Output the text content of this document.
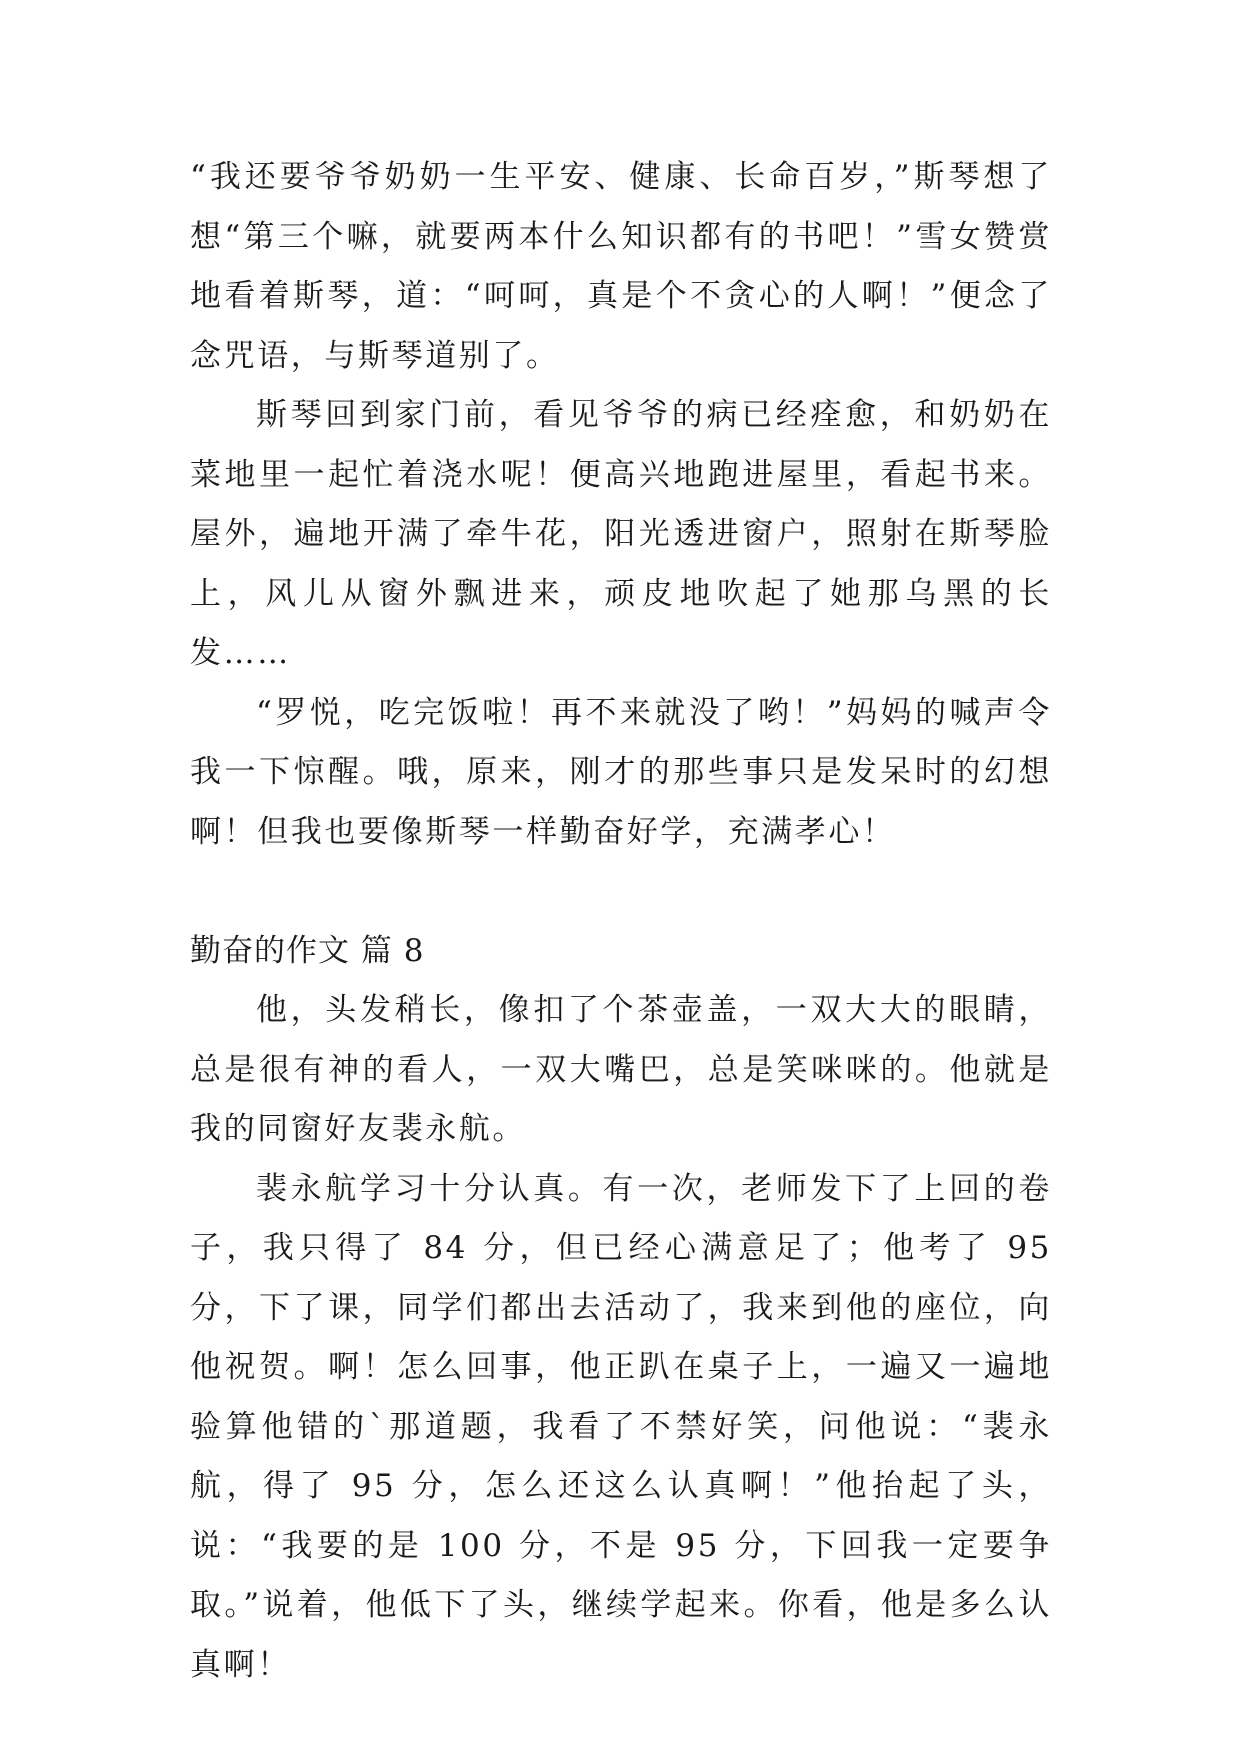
“我还要爷爷奶奶一生平安、健康、长命百岁，”斯琴想了想“第三个嘛，就要两本什么知识都有的书吧！”雪女赞赏地看着斯琴，道：“呵呵，真是个不贪心的人啊！”便念了念咒语，与斯琴道别了。

斯琴回到家门前，看见爷爷的病已经痊愈，和奶奶在菜地里一起忙着浇水呢！便高兴地跑进屋里，看起书来。屋外，遍地开满了牵牛花，阳光透进窗户，照射在斯琴脸上，风儿从窗外飘进来，顽皮地吹起了她那乌黑的长发……

“罗悦，吃完饭啦！再不来就没了哟！”妈妈的喊声令我一下惊醒。哦，原来，刚才的那些事只是发呆时的幻想啊！但我也要像斯琴一样勤奋好学，充满孝心！

勤奋的作文 篇 8

他，头发稍长，像扣了个茶壶盖，一双大大的眼睛，总是很有神的看人，一双大嘴巴，总是笑咪咪的。他就是我的同窗好友裴永航。

裴永航学习十分认真。有一次，老师发下了上回的卷子，我只得了 84 分，但已经心满意足了；他考了 95 分，下了课，同学们都出去活动了，我来到他的座位，向他祝贺。啊！怎么回事，他正趴在桌子上，一遍又一遍地验算他错的`那道题，我看了不禁好笑，问他说：“裴永航，得了 95 分，怎么还这么认真啊！”他抬起了头，说：“我要的是 100 分，不是 95 分，下回我一定要争取。”说着，他低下了头，继续学起来。你看，他是多么认真啊！
